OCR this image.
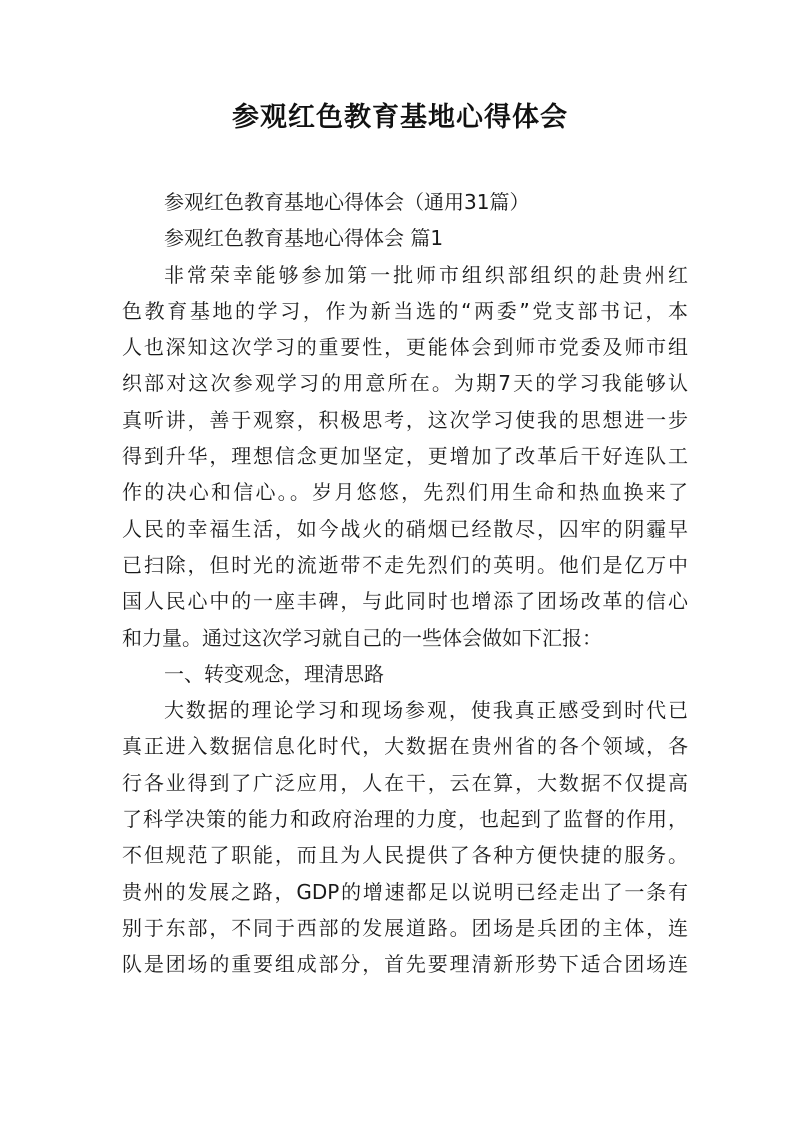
参观红色教育基地心得体会
参观红色教育基地心得体会（通用31篇）
参观红色教育基地心得体会 篇1
非常荣幸能够参加第一批师市组织部组织的赴贵州红
色教育基地的学习，作为新当选的“两委”党支部书记，本
人也深知这次学习的重要性，更能体会到师市党委及师市组
织部对这次参观学习的用意所在。为期7天的学习我能够认
真听讲，善于观察，积极思考，这次学习使我的思想进一步
得到升华，理想信念更加坚定，更增加了改革后干好连队工
作的决心和信心。。岁月悠悠，先烈们用生命和热血换来了
人民的幸福生活，如今战火的硝烟已经散尽，囚牢的阴霾早
已扫除，但时光的流逝带不走先烈们的英明。他们是亿万中
国人民心中的一座丰碑，与此同时也增添了团场改革的信心
和力量。通过这次学习就自己的一些体会做如下汇报：
一、转变观念，理清思路
大数据的理论学习和现场参观，使我真正感受到时代已
真正进入数据信息化时代，大数据在贵州省的各个领域，各
行各业得到了广泛应用，人在干，云在算，大数据不仅提高
了科学决策的能力和政府治理的力度，也起到了监督的作用，
不但规范了职能，而且为人民提供了各种方便快捷的服务。
贵州的发展之路，GDP的增速都足以说明已经走出了一条有
别于东部，不同于西部的发展道路。团场是兵团的主体，连
队是团场的重要组成部分，首先要理清新形势下适合团场连
